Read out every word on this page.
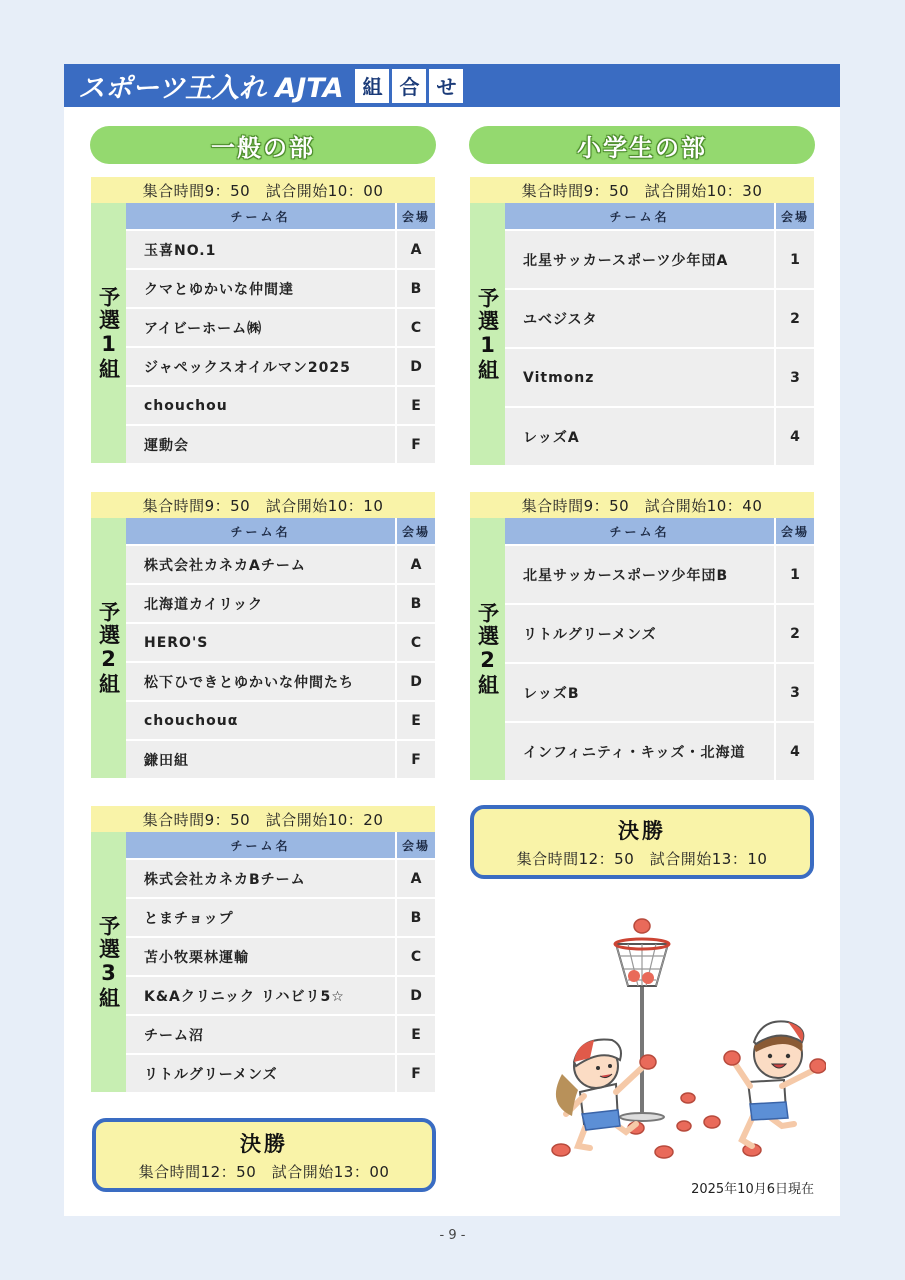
スポーツ王入れ AJTA 組 合 せ
一般の部
集合時間9：50　試合開始10：00
予選1組
チーム名	会場
玉喜NO.1	A
クマとゆかいな仲間達	B
アイビーホーム㈱	C
ジャペックスオイルマン2025	D
chouchou	E
運動会	F
集合時間9：50　試合開始10：10
予選2組
チーム名	会場
株式会社カネカAチーム	A
北海道カイリック	B
HERO'S	C
松下ひできとゆかいな仲間たち	D
chouchouα	E
鎌田組	F
集合時間9：50　試合開始10：20
予選3組
チーム名	会場
株式会社カネカBチーム	A
とまチョップ	B
苫小牧栗林運輸	C
K&Aクリニック リハビリ5☆	D
チーム沼	E
リトルグリーメンズ	F
決勝
集合時間12：50　試合開始13：00
小学生の部
集合時間9：50　試合開始10：30
予選1組
チーム名	会場
北星サッカースポーツ少年団A	1
ユベジスタ	2
Vitmonz	3
レッズA	4
集合時間9：50　試合開始10：40
予選2組
チーム名	会場
北星サッカースポーツ少年団B	1
リトルグリーメンズ	2
レッズB	3
インフィニティ・キッズ・北海道	4
決勝
集合時間12：50　試合開始13：10
2025年10月6日現在
- 9 -
